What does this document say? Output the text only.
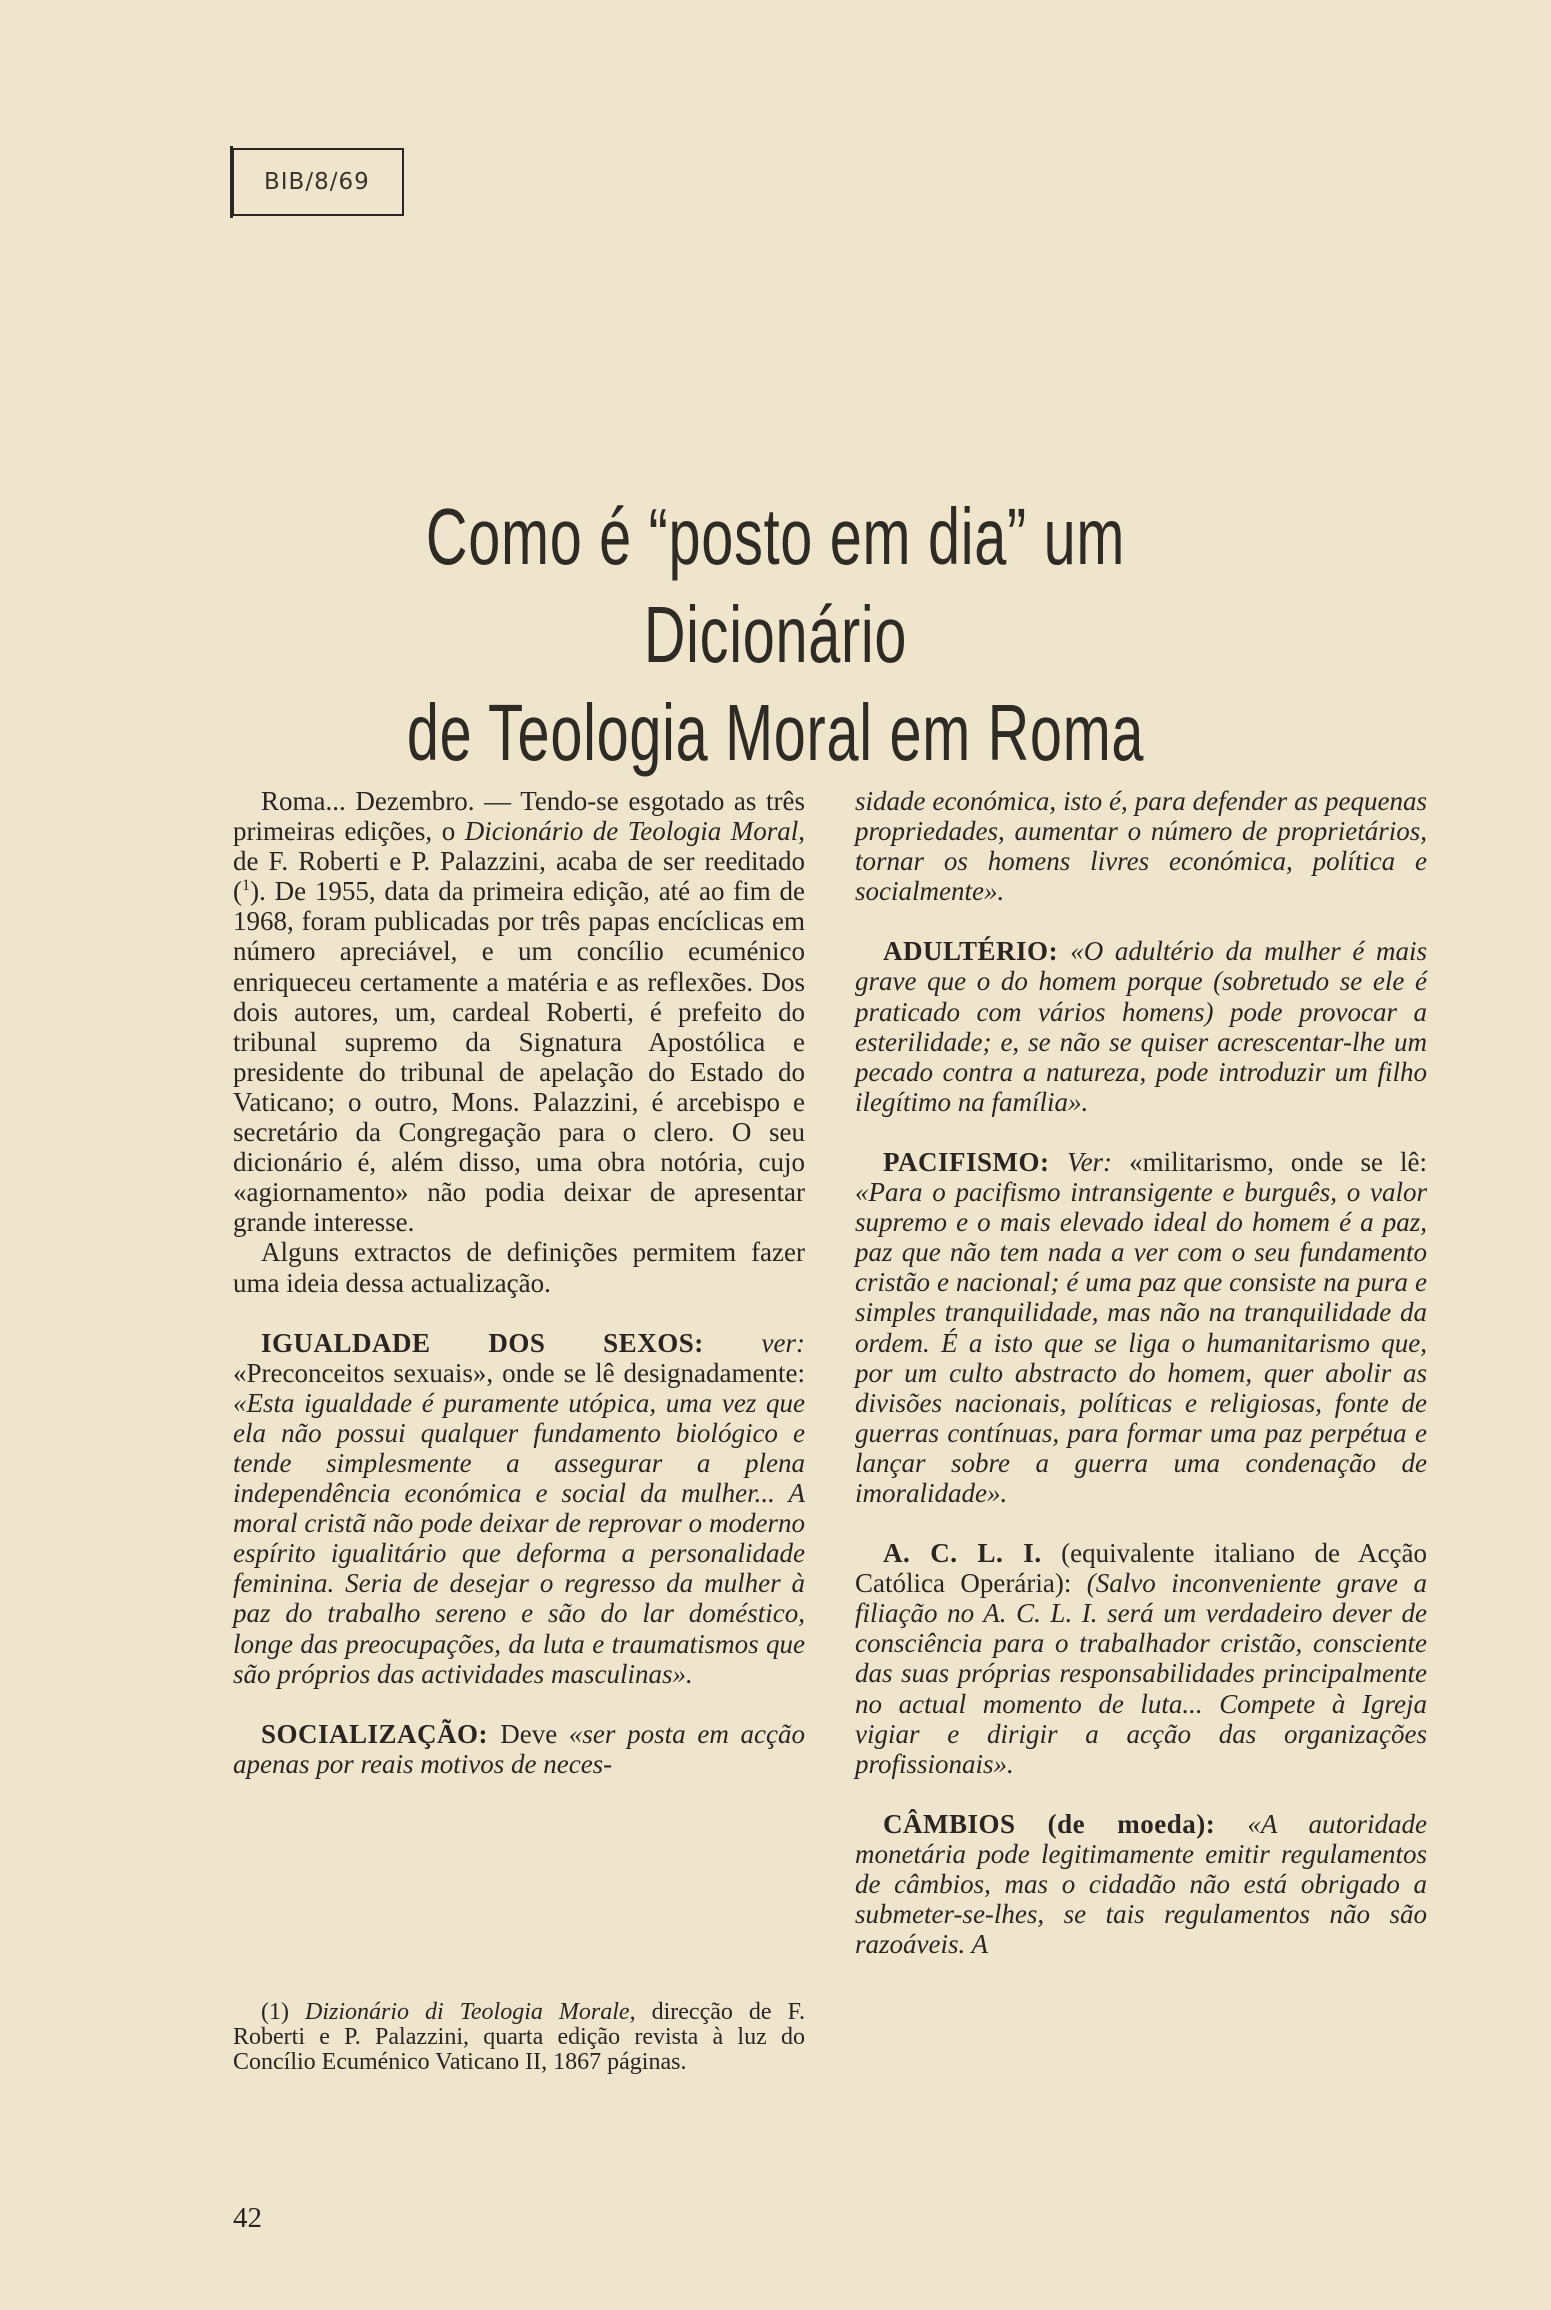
BIB/8/69
Como é “posto em dia” um Dicionário
de Teologia Moral em Roma

Roma... Dezembro. — Tendo-se esgotado as três primeiras edições, o Dicionário de Teologia Moral, de F. Roberti e P. Palazzini, acaba de ser reeditado ($^1$). De 1955, data da primeira edição, até ao fim de 1968, foram publicadas por três papas encíclicas em número apreciável, e um concílio ecuménico enriqueceu certamente a matéria e as reflexões. Dos dois autores, um, cardeal Roberti, é prefeito do tribunal supremo da Signatura Apostólica e presidente do tribunal de apelação do Estado do Vaticano; o outro, Mons. Palazzini, é arcebispo e secretário da Congregação para o clero. O seu dicionário é, além disso, uma obra notória, cujo «agiornamento» não podia deixar de apresentar grande interesse.

Alguns extractos de definições permitem fazer uma ideia dessa actualização.

IGUALDADE DOS SEXOS: ver: «Preconceitos sexuais», onde se lê designadamente: «Esta igualdade é puramente utópica, uma vez que ela não possui qualquer fundamento biológico e tende simplesmente a assegurar a plena independência económica e social da mulher... A moral cristã não pode deixar de reprovar o moderno espírito igualitário que deforma a personalidade feminina. Seria de desejar o regresso da mulher à paz do trabalho sereno e são do lar doméstico, longe das preocupações, da luta e traumatismos que são próprios das actividades masculinas».

SOCIALIZAÇÃO: Deve «ser posta em acção apenas por reais motivos de neces-

(1) Dizionário di Teologia Morale, direcção de F. Roberti e P. Palazzini, quarta edição revista à luz do Concílio Ecuménico Vaticano II, 1867 páginas.

sidade económica, isto é, para defender as pequenas propriedades, aumentar o número de proprietários, tornar os homens livres económica, política e socialmente».

ADULTÉRIO: «O adultério da mulher é mais grave que o do homem porque (sobretudo se ele é praticado com vários homens) pode provocar a esterilidade; e, se não se quiser acrescentar-lhe um pecado contra a natureza, pode introduzir um filho ilegítimo na família».

PACIFISMO: Ver: «militarismo, onde se lê: «Para o pacifismo intransigente e burguês, o valor supremo e o mais elevado ideal do homem é a paz, paz que não tem nada a ver com o seu fundamento cristão e nacional; é uma paz que consiste na pura e simples tranquilidade, mas não na tranquilidade da ordem. É a isto que se liga o humanitarismo que, por um culto abstracto do homem, quer abolir as divisões nacionais, políticas e religiosas, fonte de guerras contínuas, para formar uma paz perpétua e lançar sobre a guerra uma condenação de imoralidade».

A. C. L. I. (equivalente italiano de Acção Católica Operária): (Salvo inconveniente grave a filiação no A. C. L. I. será um verdadeiro dever de consciência para o trabalhador cristão, consciente das suas próprias responsabilidades principalmente no actual momento de luta... Compete à Igreja vigiar e dirigir a acção das organizações profissionais».

CÂMBIOS (de moeda): «A autoridade monetária pode legitimamente emitir regulamentos de câmbios, mas o cidadão não está obrigado a submeter-se-lhes, se tais regulamentos não são razoáveis. A

42
